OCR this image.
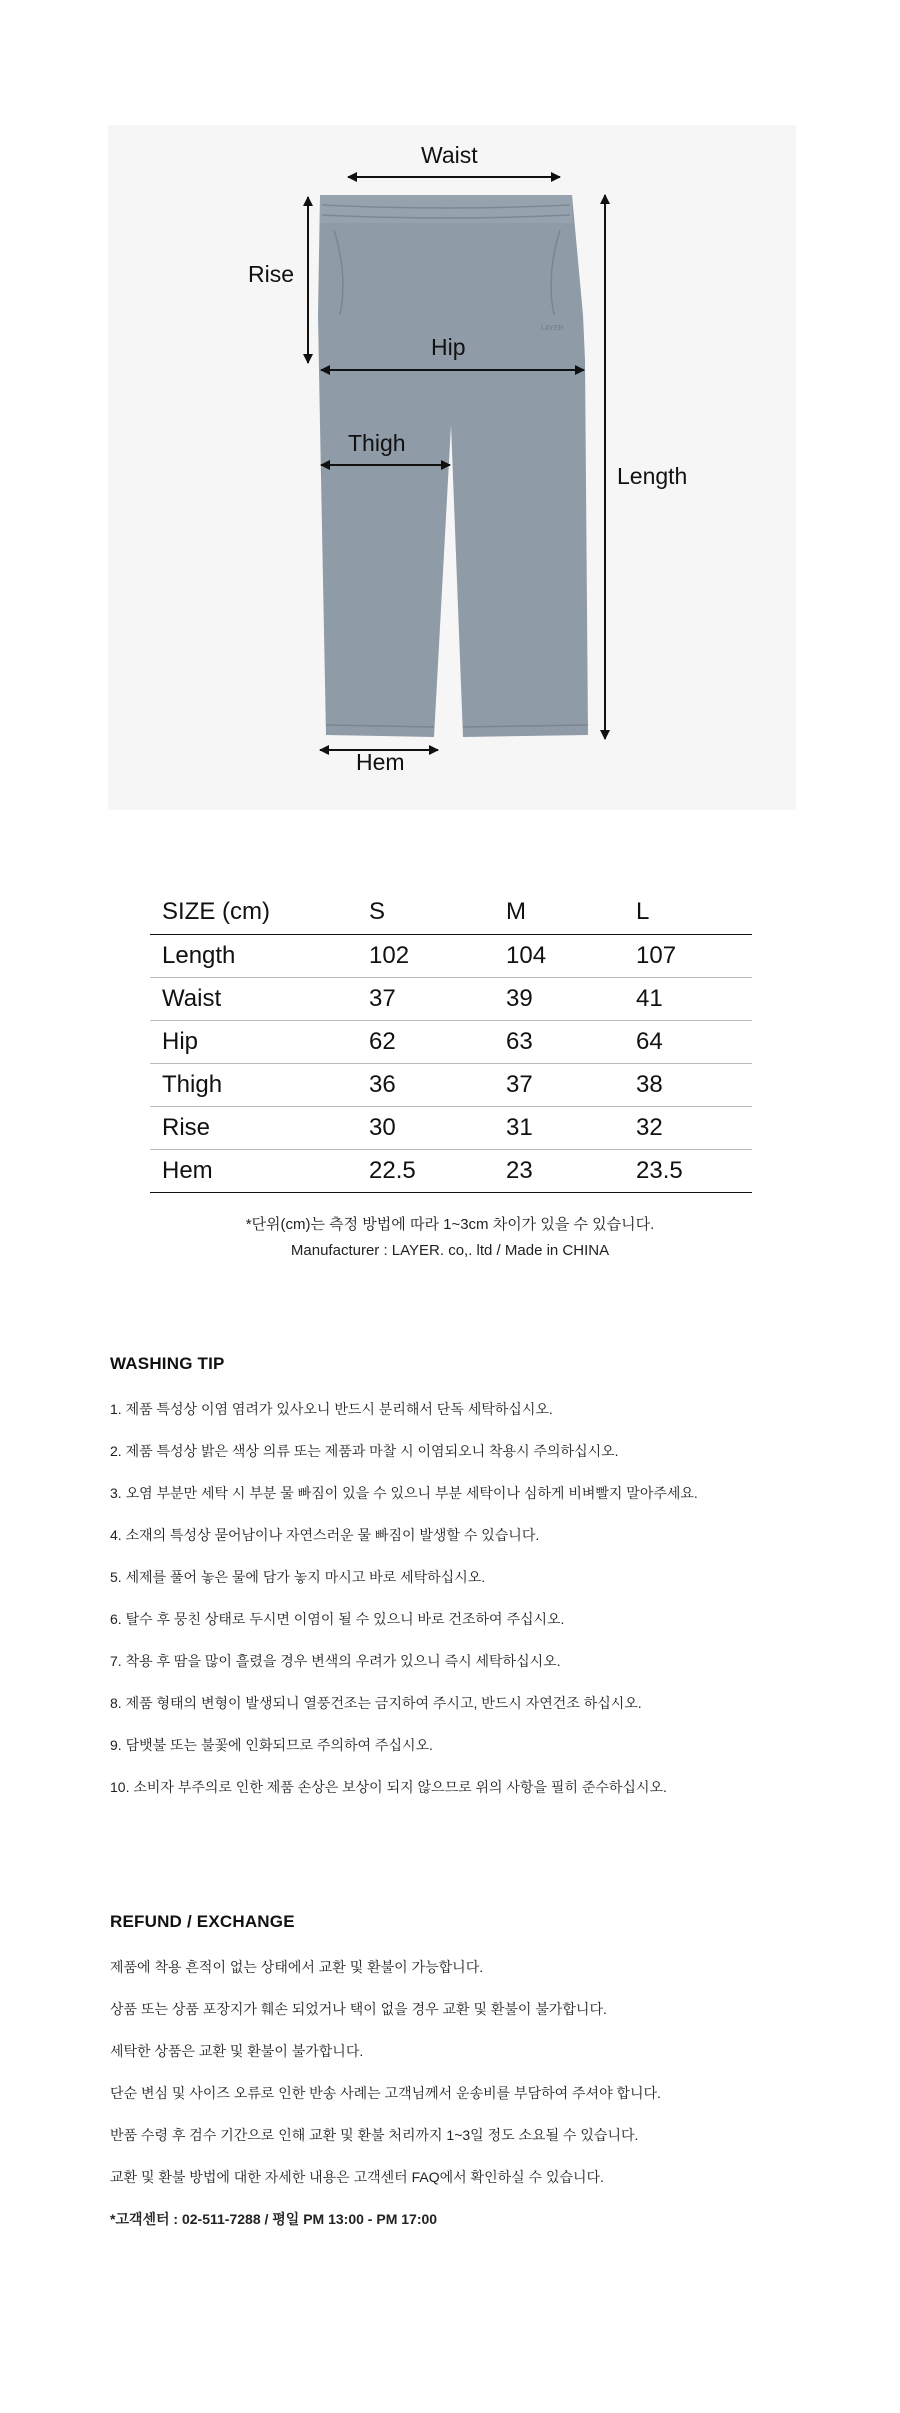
LAYER
Waist
Rise
Hip
Thigh
Length
Hem
SIZE (cm)	S	M	L
Length	102	104	107
Waist	37	39	41
Hip	62	63	64
Thigh	36	37	38
Rise	30	31	32
Hem	22.5	23	23.5
*단위(cm)는 측정 방법에 따라 1~3cm 차이가 있을 수 있습니다.
Manufacturer : LAYER. co,. ltd / Made in CHINA
WASHING TIP
1. 제품 특성상 이염 염려가 있사오니 반드시 분리해서 단독 세탁하십시오.
2. 제품 특성상 밝은 색상 의류 또는 제품과 마찰 시 이염되오니 착용시 주의하십시오.
3. 오염 부분만 세탁 시 부분 물 빠짐이 있을 수 있으니 부분 세탁이나 심하게 비벼빨지 말아주세요.
4. 소재의 특성상 묻어남이나 자연스러운 물 빠짐이 발생할 수 있습니다.
5. 세제를 풀어 놓은 물에 담가 놓지 마시고 바로 세탁하십시오.
6. 탈수 후 뭉친 상태로 두시면 이염이 될 수 있으니 바로 건조하여 주십시오.
7. 착용 후 땀을 많이 흘렸을 경우 변색의 우려가 있으니 즉시 세탁하십시오.
8. 제품 형태의 변형이 발생되니 열풍건조는 금지하여 주시고, 반드시 자연건조 하십시오.
9. 담뱃불 또는 불꽃에 인화되므로 주의하여 주십시오.
10. 소비자 부주의로 인한 제품 손상은 보상이 되지 않으므로 위의 사항을 필히 준수하십시오.
REFUND / EXCHANGE
제품에 착용 흔적이 없는 상태에서 교환 및 환불이 가능합니다.
상품 또는 상품 포장지가 훼손 되었거나 택이 없을 경우 교환 및 환불이 불가합니다.
세탁한 상품은 교환 및 환불이 불가합니다.
단순 변심 및 사이즈 오류로 인한 반송 사례는 고객님께서 운송비를 부담하여 주셔야 합니다.
반품 수령 후 검수 기간으로 인해 교환 및 환불 처리까지 1~3일 정도 소요될 수 있습니다.
교환 및 환불 방법에 대한 자세한 내용은 고객센터 FAQ에서 확인하실 수 있습니다.
*고객센터 : 02-511-7288 / 평일 PM 13:00 - PM 17:00
